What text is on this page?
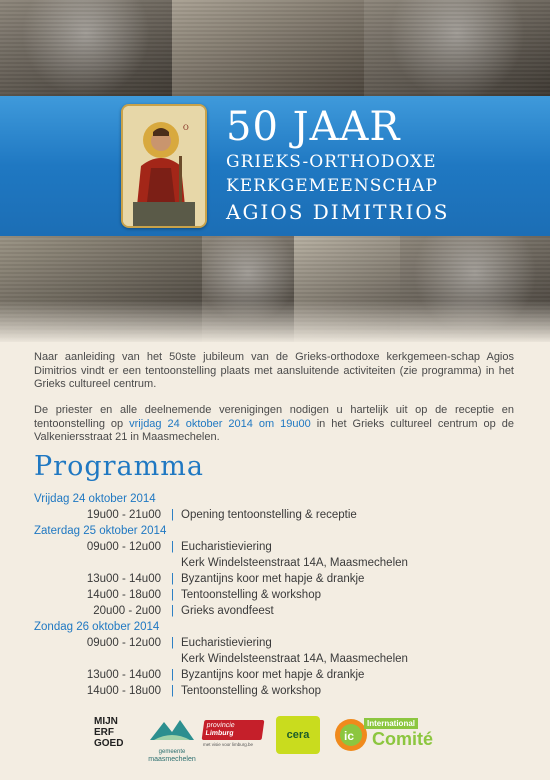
O 50 JAAR
GRIEKS-ORTHODOXE
KERKGEMEENSCHAP
AGIOS DIMITRIOS

Naar aanleiding van het 50ste jubileum van de Grieks-orthodoxe kerkgemeen-schap Agios Dimitrios vindt er een tentoonstelling plaats met aansluitende activiteiten (zie programma) in het Grieks cultureel centrum.

De priester en alle deelnemende verenigingen nodigen u hartelijk uit op de receptie en tentoonstelling op vrijdag 24 oktober 2014 om 19u00 in het Grieks cultureel centrum op de Valkeniersstraat 21 in Maasmechelen.

Programma
Vrijdag 24 oktober 2014
19u00 - 21u00 | Opening tentoonstelling & receptie
Zaterdag 25 oktober 2014
09u00 - 12u00 | Eucharistieviering
Kerk Windelsteenstraat 14A, Maasmechelen
13u00 - 14u00 | Byzantijns koor met hapje & drankje
14u00 - 18u00 | Tentoonstelling & workshop
20u00 - 2u00 | Grieks avondfeest
Zondag 26 oktober 2014
09u00 - 12u00 | Eucharistieviering
Kerk Windelsteenstraat 14A, Maasmechelen
13u00 - 14u00 | Byzantijns koor met hapje & drankje
14u00 - 18u00 | Tentoonstelling & workshop
MIJN
ERF
GOED
gemeente
maasmechelen
provincie
Limburg
met visie voor limburg.be
cera	ic
International
Comité
